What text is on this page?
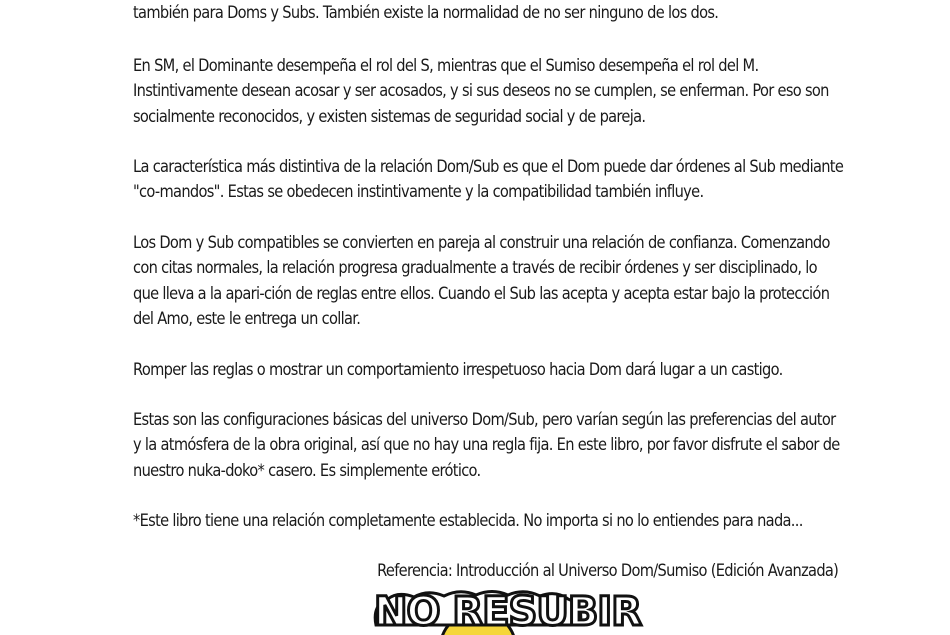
también para Doms y Subs. También existe la normalidad de no ser ninguno de los dos.

En SM, el Dominante desempeña el rol del S, mientras que el Sumiso desempeña el rol del M. Instintivamente desean acosar y ser acosados, y si sus deseos no se cumplen, se enferman. Por eso son socialmente reconocidos, y existen sistemas de seguridad social y de pareja.

La característica más distintiva de la relación Dom/Sub es que el Dom puede dar órdenes al Sub mediante "co-mandos". Estas se obedecen instintivamente y la compatibilidad también influye.

Los Dom y Sub compatibles se convierten en pareja al construir una relación de confianza. Comenzando con citas normales, la relación progresa gradualmente a través de recibir órdenes y ser disciplinado, lo que lleva a la apari-ción de reglas entre ellos. Cuando el Sub las acepta y acepta estar bajo la protección del Amo, este le entrega un collar.

Romper las reglas o mostrar un comportamiento irrespetuoso hacia Dom dará lugar a un castigo.

Estas son las configuraciones básicas del universo Dom/Sub, pero varían según las preferencias del autor y la atmósfera de la obra original, así que no hay una regla fija. En este libro, por favor disfrute el sabor de nuestro nuka-doko* casero. Es simplemente erótico.

*Este libro tiene una relación completamente establecida. No importa si no lo entiendes para nada...

Referencia: Introducción al Universo Dom/Sumiso (Edición Avanzada)
NO RESUBIR
